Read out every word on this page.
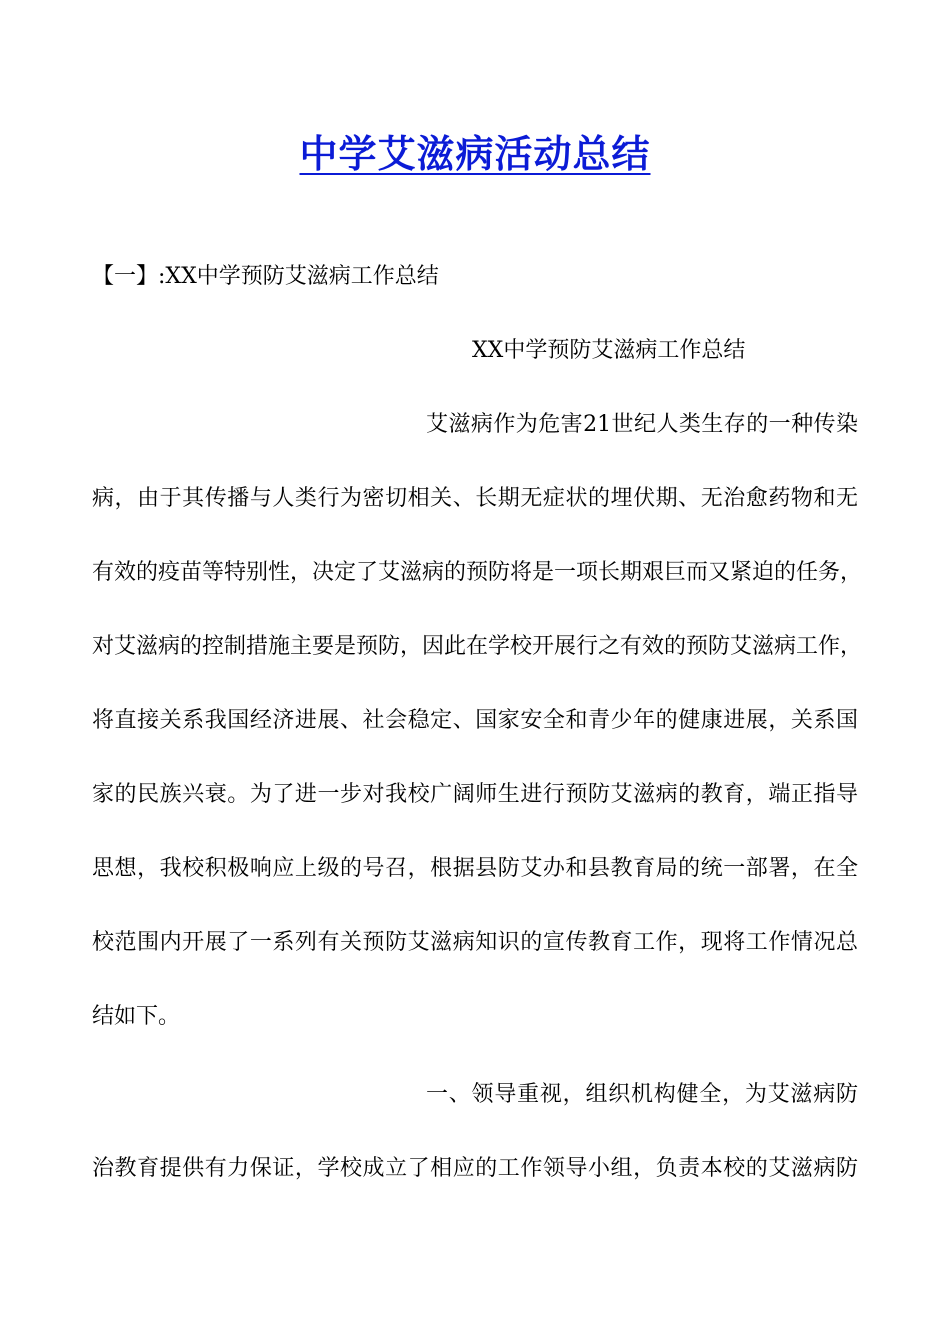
中学艾滋病活动总结
【一】:XX中学预防艾滋病工作总结
XX中学预防艾滋病工作总结
艾滋病作为危害21世纪人类生存的一种传染
病，由于其传播与人类行为密切相关、长期无症状的埋伏期、无治愈药物和无
有效的疫苗等特别性，决定了艾滋病的预防将是一项长期艰巨而又紧迫的任务，
对艾滋病的控制措施主要是预防，因此在学校开展行之有效的预防艾滋病工作，
将直接关系我国经济进展、社会稳定、国家安全和青少年的健康进展，关系国
家的民族兴衰。为了进一步对我校广阔师生进行预防艾滋病的教育，端正指导
思想，我校积极响应上级的号召，根据县防艾办和县教育局的统一部署，在全
校范围内开展了一系列有关预防艾滋病知识的宣传教育工作，现将工作情况总
结如下。
一、领导重视，组织机构健全，为艾滋病防
治教育提供有力保证，学校成立了相应的工作领导小组，负责本校的艾滋病防
